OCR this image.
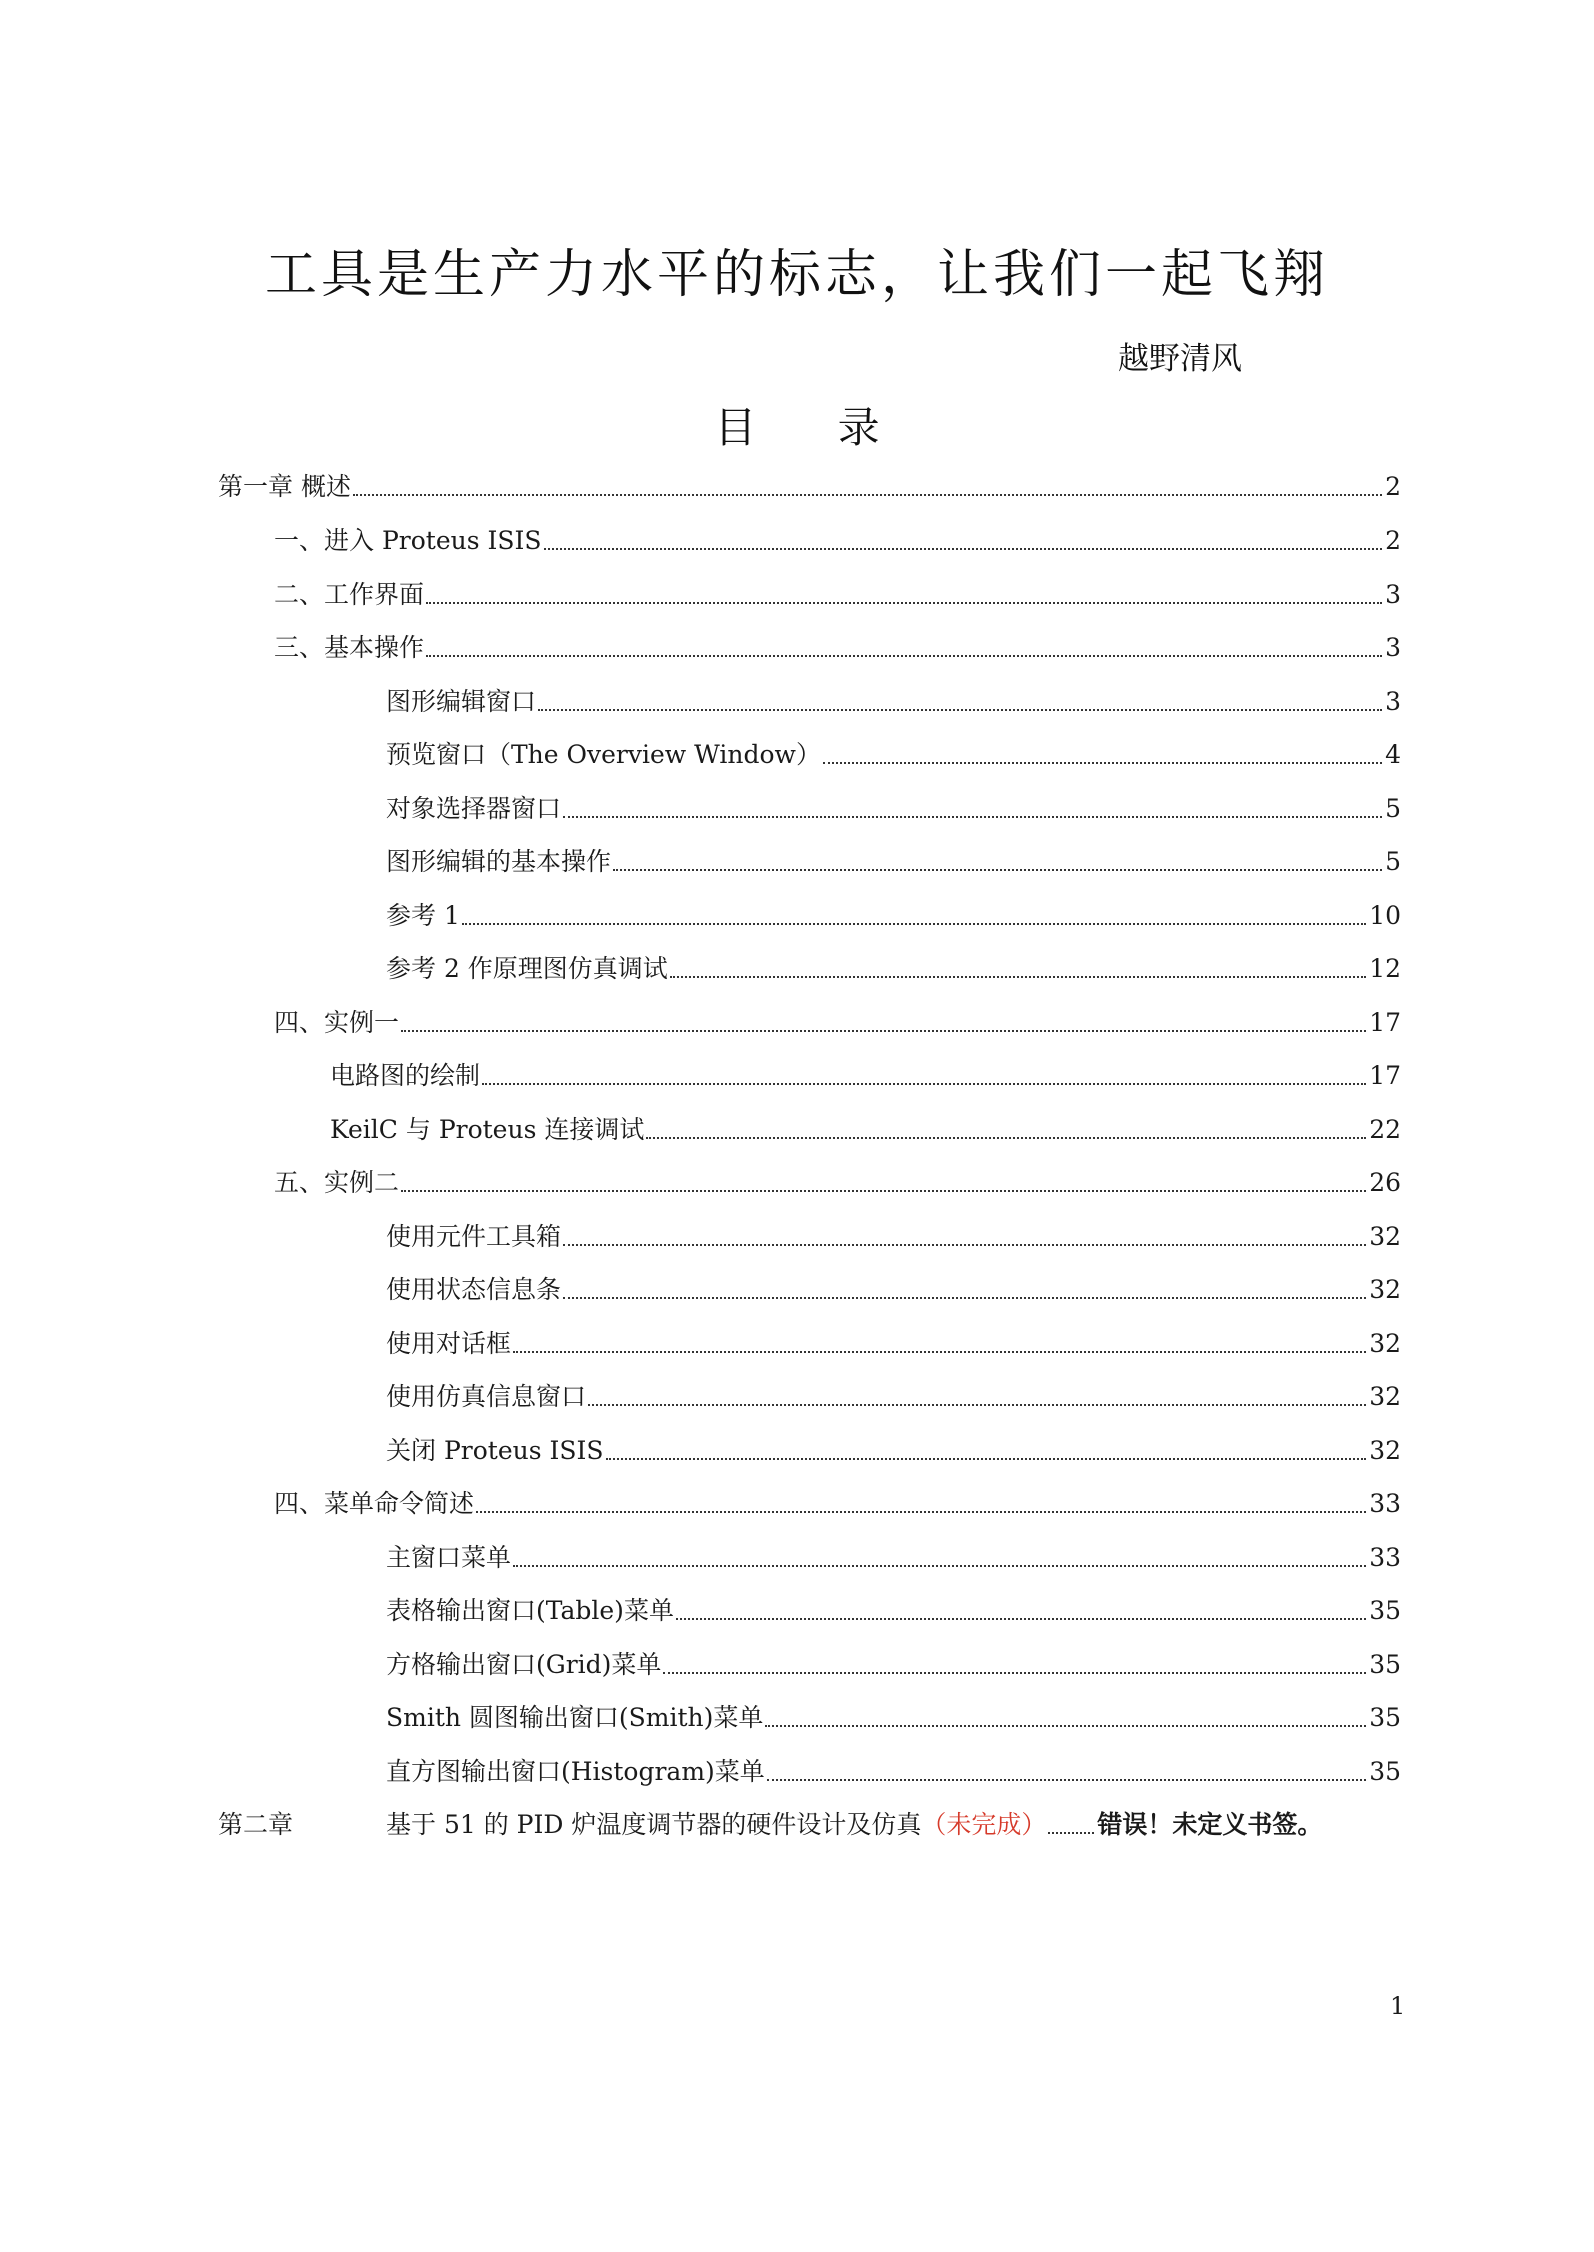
工具是生产力水平的标志，让我们一起飞翔
越野清风
目 录
第一章 概述	2
一、进入 Proteus ISIS	2
二、工作界面	3
三、基本操作	3
图形编辑窗口	3
预览窗口（The Overview Window）	4
对象选择器窗口	5
图形编辑的基本操作	5
参考 1	10
参考 2 作原理图仿真调试	12
四、实例一	17
电路图的绘制	17
KeilC 与 Proteus 连接调试	22
五、实例二	26
使用元件工具箱	32
使用状态信息条	32
使用对话框	32
使用仿真信息窗口	32
关闭 Proteus ISIS	32
四、菜单命令简述	33
主窗口菜单	33
表格输出窗口(Table)菜单	35
方格输出窗口(Grid)菜单	35
Smith 圆图输出窗口(Smith)菜单	35
直方图输出窗口(Histogram)菜单	35
第二章	基于 51 的 PID 炉温度调节器的硬件设计及仿真 （未完成） 错误！未定义书签。
1
